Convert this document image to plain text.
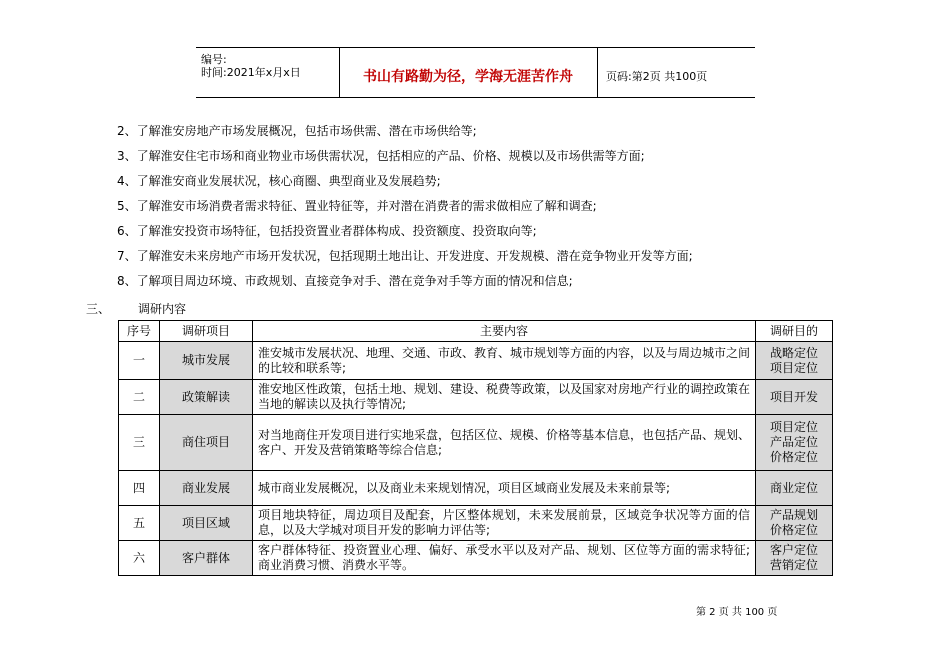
编号:
时间:2021年x月x日	书山有路勤为径，学海无涯苦作舟	页码:第2页 共100页
2、了解淮安房地产市场发展概况，包括市场供需、潜在市场供给等;
3、了解淮安住宅市场和商业物业市场供需状况，包括相应的产品、价格、规模以及市场供需等方面;
4、了解淮安商业发展状况，核心商圈、典型商业及发展趋势;
5、了解淮安市场消费者需求特征、置业特征等，并对潜在消费者的需求做相应了解和调查;
6、了解淮安投资市场特征，包括投资置业者群体构成、投资额度、投资取向等;
7、了解淮安未来房地产市场开发状况，包括现期土地出让、开发进度、开发规模、潜在竞争物业开发等方面;
8、了解项目周边环境、市政规划、直接竞争对手、潜在竞争对手等方面的情况和信息;
三、 调研内容
序号	调研项目	主要内容	调研目的
一	城市发展	淮安城市发展状况、地理、交通、市政、教育、城市规划等方面的内容，以及与周边城市之间的比较和联系等;	战略定位
项目定位
二	政策解读	淮安地区性政策，包括土地、规划、建设、税费等政策，以及国家对房地产行业的调控政策在当地的解读以及执行等情况;	项目开发
三	商住项目	对当地商住开发项目进行实地采盘，包括区位、规模、价格等基本信息，也包括产品、规划、客户、开发及营销策略等综合信息;	项目定位
产品定位
价格定位
四	商业发展	城市商业发展概况，以及商业未来规划情况，项目区域商业发展及未来前景等;	商业定位
五	项目区域	项目地块特征，周边项目及配套，片区整体规划，未来发展前景，区域竞争状况等方面的信息，以及大学城对项目开发的影响力评估等;	产品规划
价格定位
六	客户群体	客户群体特征、投资置业心理、偏好、承受水平以及对产品、规划、区位等方面的需求特征;商业消费习惯、消费水平等。	客户定位
营销定位
第 2 页 共 100 页
